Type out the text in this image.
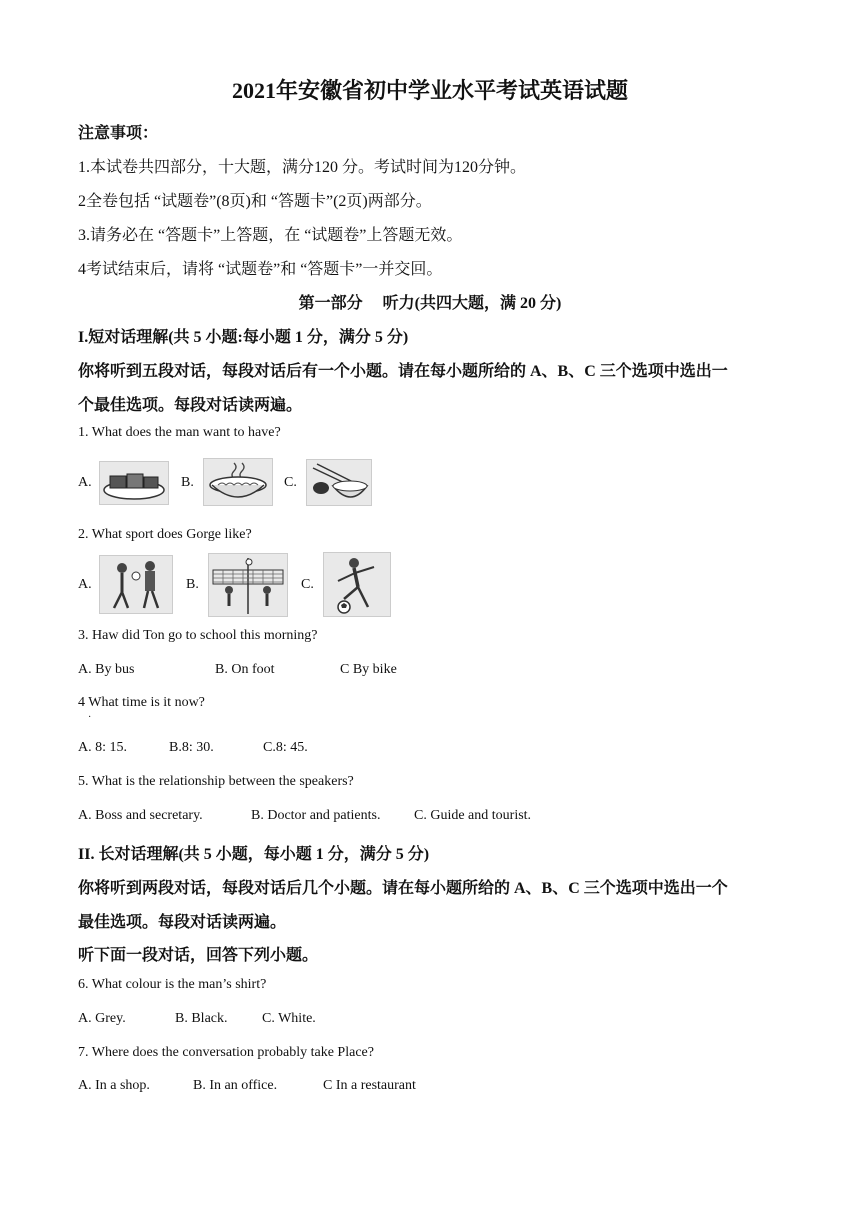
2021年安徽省初中学业水平考试英语试题
注意事项：
1.本试卷共四部分，十大题，满分120 分。考试时间为120分钟。
2全卷包括 “试题卷”(8页)和 “答题卡”(2页)两部分。
3.请务必在 “答题卡”上答题，在 “试题卷”上答题无效。
4考试结束后，请将 “试题卷”和 “答题卡”一并交回。
第一部分　 听力(共四大题，满 20 分)
I.短对话理解(共 5 小题:每小题 1 分，满分 5 分)
你将听到五段对话，每段对话后有一个小题。请在每小题所给的 A、B、C 三个选项中选出一
个最佳选项。每段对话读两遍。
1. What does the man want to have?
A.	B.	C.
2. What sport does Gorge like?
A.	B.	C.
3. Haw did Ton go to school this morning?
A. By bus	B. On foot	C By bike
4 What time is it now?
·
A. 8: 15.	B.8: 30.	C.8: 45.
5. What is the relationship between the speakers?
A. Boss and secretary.	B. Doctor and patients. C. Guide and tourist.
II. 长对话理解(共 5 小题，每小题 1 分，满分 5 分)
你将听到两段对话，每段对话后几个小题。请在每小题所给的 A、B、C 三个选项中选出一个
最佳选项。每段对话读两遍。
听下面一段对话，回答下列小题。
6. What colour is the man’s shirt?
A. Grey.	B. Black. C. White.
7. Where does the conversation probably take Place?
A. In a shop.	B. In an office.	C In a restaurant
